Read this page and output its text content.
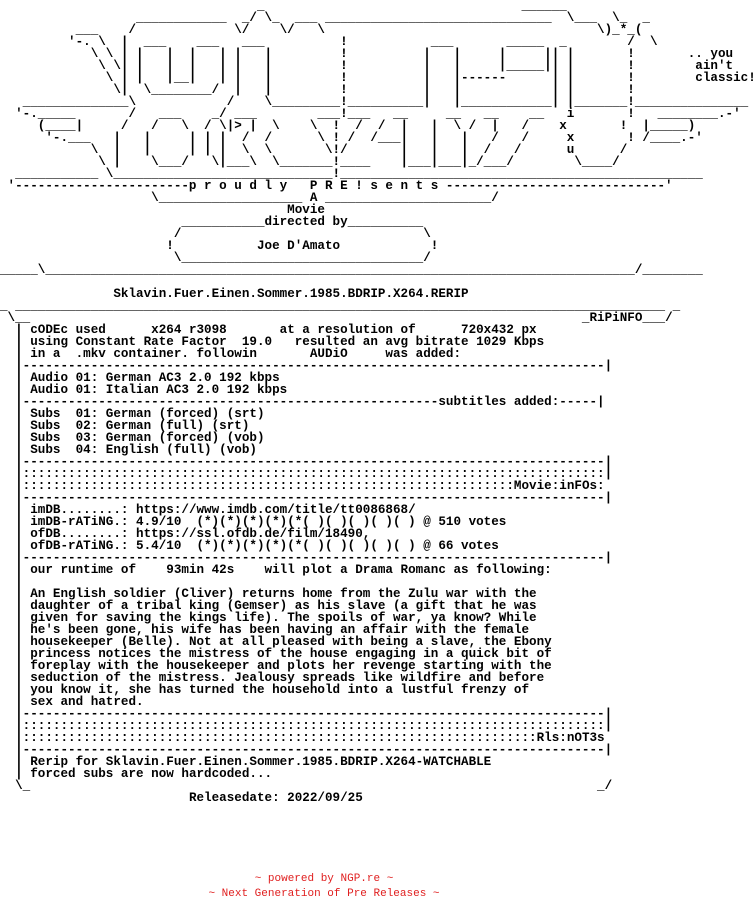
_                                  ______
____________  _/ \_  ___ ______________________________  \___  \_  _
___    /             \/    \/   \                                    \)_*_(
'-. \  |  ___    ___   ___          !           ___       _____  _        /  \
\ \ | |   |  |   | |   |         !          |   |     |     || |       !       .. you
\ \| |   |  |   | |   |         !          |   |     |_____|| |       !        ain't
\ | |   |__|   | |   |         !          |   |------      | |       !        classic!
\|  \________/  |   |         !          |   |            | |       !
______________\            /    \_________!__________|   |____________| |_______!_______________
'-._____       /   ___    _/ ___        ___!___   __     __   __    __   i       !   ________.-'
(____|     /   /   \  / \|> |  \    \  !  /  /  |   |  \ /  |   /    x       !  |_____)
'-.___   |   |     | | |  /  /      \ ! /  /___|   |   |   /   /     x       ! /____.-'
\  |   |     | | |  \  \       \!/       |   |   |  /   /      u      /
\ |    \___/   \|___\  \_______!____    |___|___|_/___/        \____/
___________ \_____________________________!________________________________________________
'-----------------------p r o u d l y   P R E ! s e n t s -----------------------------'
\___________________ A ______________________/
Movie
___________directed by__________
/                                \
!           Joe D'Amato            !
\________________________________/
_____\______________________________________________________________________________/________

Sklavin.Fuer.Einen.Sommer.1985.BDRIP.X264.RERIP
_ ______________________________________________________________________________________ _
\__                                                                         _RiPiNFO___/
| cODEc used      x264 r3098       at a resolution of      720x432 px
| using Constant Rate Factor  19.0   resulted an avg bitrate 1029 Kbps
| in a  .mkv container. followin       AUDiO     was added:
|-----------------------------------------------------------------------------|
| Audio 01: German AC3 2.0 192 kbps
| Audio 01: Italian AC3 2.0 192 kbps
|-------------------------------------------------------subtitles added:-----|
| Subs  01: German (forced) (srt)
| Subs  02: German (full) (srt)
| Subs  03: German (forced) (vob)
| Subs  04: English (full) (vob)
|-----------------------------------------------------------------------------|
|:::::::::::::::::::::::::::::::::::::::::::::::::::::::::::::::::::::::::::::|
|:::::::::::::::::::::::::::::::::::::::::::::::::::::::::::::::::Movie:inFOs:
|-----------------------------------------------------------------------------|
| imDB........: https://www.imdb.com/title/tt0086868/
| imDB-rATiNG.: 4.9/10  (*)(*)(*)(*)(*( )( )( )( )( ) @ 510 votes
| ofDB........: https://ssl.ofdb.de/film/18490,
| ofDB-rATiNG.: 5.4/10  (*)(*)(*)(*)(*( )( )( )( )( ) @ 66 votes
|-----------------------------------------------------------------------------|
| our runtime of    93min 42s    will plot a Drama Romanc as following:
|
| An English soldier (Cliver) returns home from the Zulu war with the
| daughter of a tribal king (Gemser) as his slave (a gift that he was
| given for saving the kings life). The spoils of war, ya know? While
| he's been gone, his wife has been having an affair with the female
| housekeeper (Belle). Not at all pleased with being a slave, the Ebony
| princess notices the mistress of the house engaging in a quick bit of
| foreplay with the housekeeper and plots her revenge starting with the
| seduction of the mistress. Jealousy spreads like wildfire and before
| you know it, she has turned the household into a lustful frenzy of
| sex and hatred.
|-----------------------------------------------------------------------------|
|:::::::::::::::::::::::::::::::::::::::::::::::::::::::::::::::::::::::::::::|
|::::::::::::::::::::::::::::::::::::::::::::::::::::::::::::::::::::Rls:nOT3s
|-----------------------------------------------------------------------------|
| Rerip for Sklavin.Fuer.Einen.Sommer.1985.BDRIP.X264-WATCHABLE
| forced subs are now hardcoded...
\_                                                                           _/
Releasedate: 2022/09/25
~ powered by NGP.re ~
~ Next Generation of Pre Releases ~
